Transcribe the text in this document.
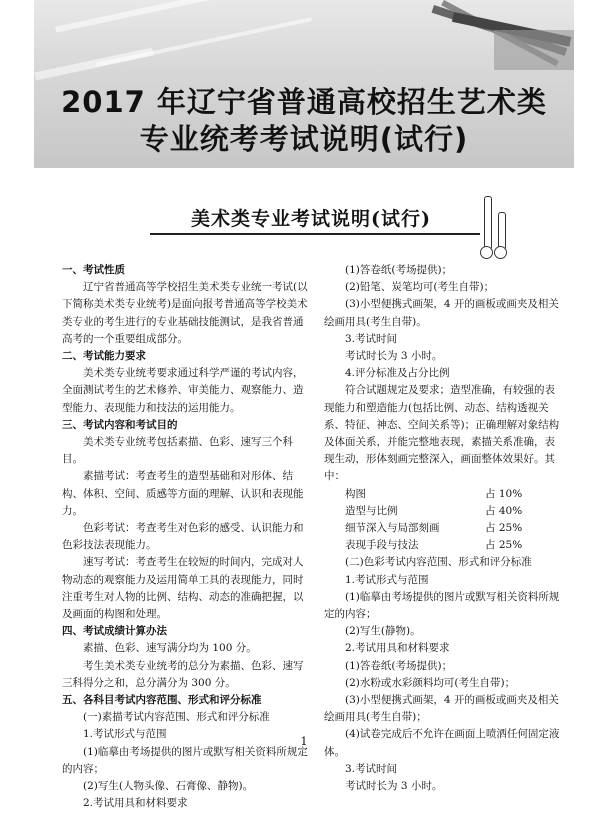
2017 年辽宁省普通高校招生艺术类
专业统考考试说明(试行)
美术类专业考试说明(试行)

一、考试性质

辽宁省普通高等学校招生美术类专业统一考试(以下简称美术类专业统考)是面向报考普通高等学校美术类专业的考生进行的专业基础技能测试，是我省普通高考的一个重要组成部分。

二、考试能力要求

美术类专业统考要求通过科学严谨的考试内容，全面测试考生的艺术修养、审美能力、观察能力、造型能力、表现能力和技法的运用能力。

三、考试内容和考试目的

美术类专业统考包括素描、色彩、速写三个科目。

素描考试：考查考生的造型基础和对形体、结构、体积、空间、质感等方面的理解、认识和表现能力。

色彩考试：考查考生对色彩的感受、认识能力和色彩技法表现能力。

速写考试：考查考生在较短的时间内，完成对人物动态的观察能力及运用简单工具的表现能力，同时注重考生对人物的比例、结构、动态的准确把握，以及画面的构图和处理。

四、考试成绩计算办法

素描、色彩、速写满分均为 100 分。

考生美术类专业统考的总分为素描、色彩、速写三科得分之和，总分满分为 300 分。

五、各科目考试内容范围、形式和评分标准

(一)素描考试内容范围、形式和评分标准

1.考试形式与范围

(1)临摹由考场提供的图片或默写相关资料所规定的内容；

(2)写生(人物头像、石膏像、静物)。

2.考试用具和材料要求

(1)答卷纸(考场提供)；

(2)铅笔、炭笔均可(考生自带)；

(3)小型便携式画架，4 开的画板或画夹及相关绘画用具(考生自带)。

3.考试时间

考试时长为 3 小时。

4.评分标准及占分比例

符合试题规定及要求；造型准确，有较强的表现能力和塑造能力(包括比例、动态、结构透视关系、特征、神态、空间关系等)；正确理解对象结构及体面关系，并能完整地表现，素描关系准确，表现生动，形体刻画完整深入，画面整体效果好。其中：

构图	占 10%
造型与比例	占 40%
细节深入与局部刻画	占 25%
表现手段与技法	占 25%

(二)色彩考试内容范围、形式和评分标准

1.考试形式与范围

(1)临摹由考场提供的图片或默写相关资料所规定的内容；

(2)写生(静物)。

2.考试用具和材料要求

(1)答卷纸(考场提供)；

(2)水粉或水彩颜料均可(考生自带)；

(3)小型便携式画架，4 开的画板或画夹及相关绘画用具(考生自带)；

(4)试卷完成后不允许在画面上喷洒任何固定液体。

3.考试时间

考试时长为 3 小时。

1
